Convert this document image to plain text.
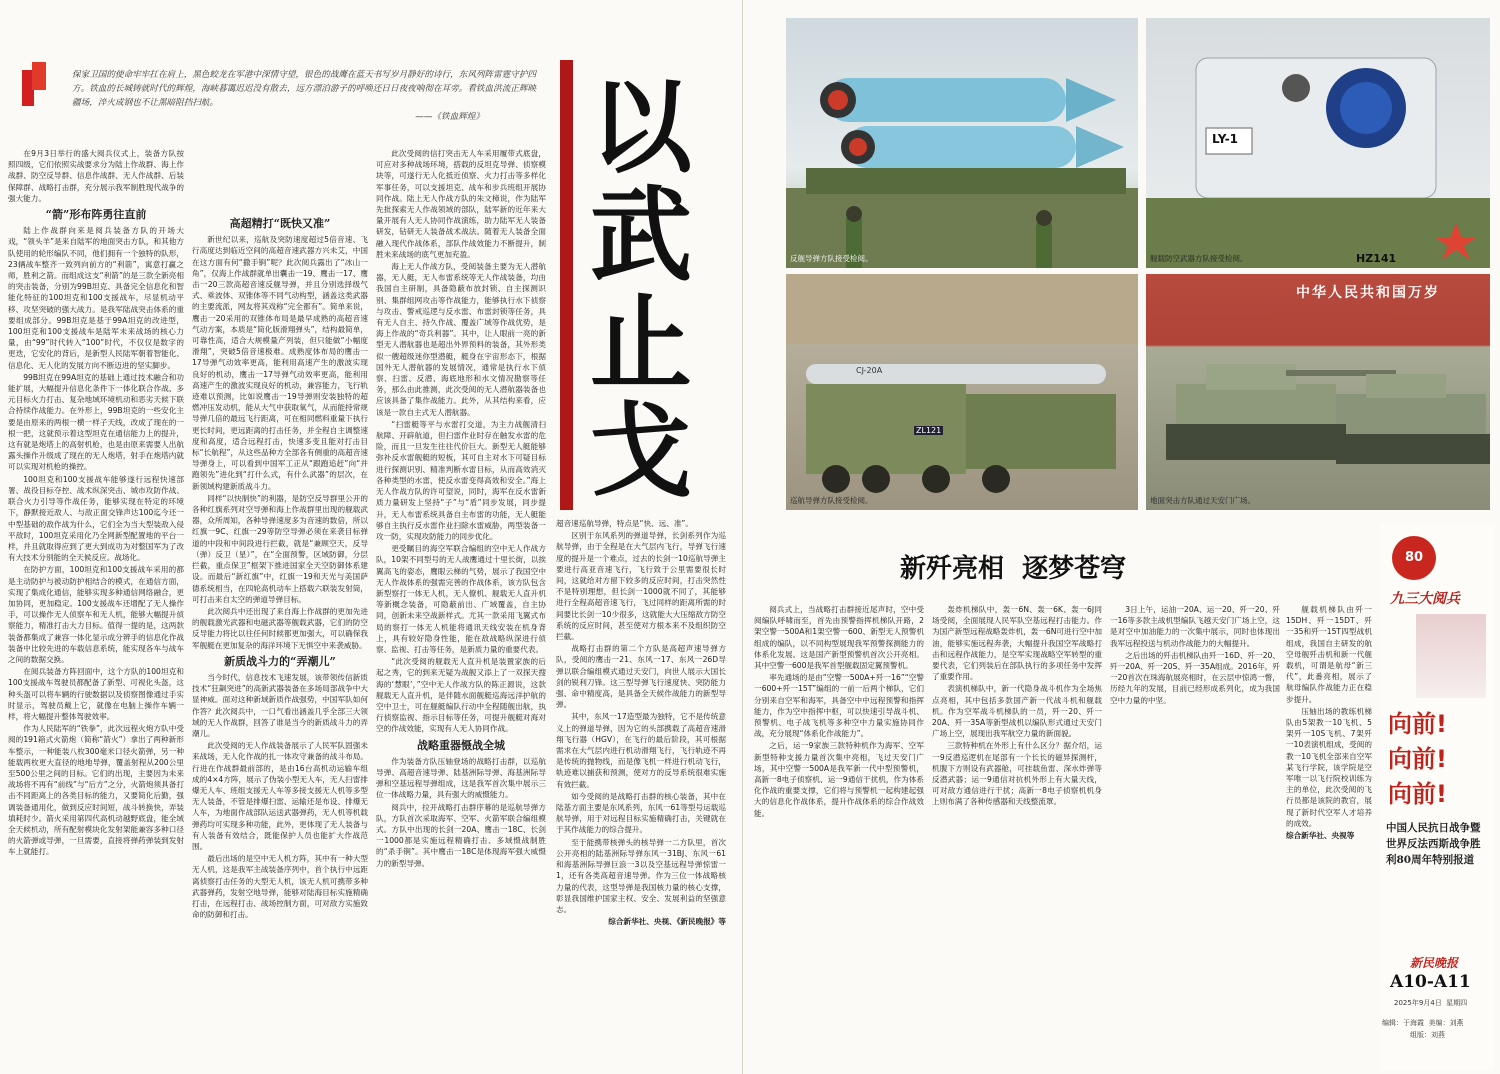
保家卫国的使命牢牢扛在肩上，黑色蛟龙在军港中深情守望，银色的战鹰在蓝天书写岁月静好的诗行，东风列阵雷霆守护四方。铁血的长城铸就时代的辉煌，海峡暮霭迟迟没有散去，远方漂泊游子的呼唤还日日夜夜响彻在耳旁。看铁血洪流正辉映疆场，淬火成钢也不让黑暗阻挡扫航。
——《铁血辉煌》 以
武
止
戈

在9月3日举行的盛大阅兵仪式上，装备方队按照四级，它们依照实战要求分为陆上作战群、海上作战群、防空反导群、信息作战群、无人作战群、后装保障群、战略打击群，充分展示我军制胜现代战争的强大能力。

“箭”形布阵勇往直前

陆上作战群向来是阅兵装备方队的开场大戏，“领头羊”是来自陆军的地面突击方队，和其他方队使用的轮形编队不同，他们拥有一个独特的队形，23辆战车整齐一致列向前方的“利箭”，寓意打赢之师，胜利之箭。而组成这支“利箭”的是三款全新亮相的突击装备，分别为99B坦克、具备完全信息化和智能化特征的100坦克和100支援战车，尽显机动平移、攻坚突破的强大战力。是我军陆战突击体系的重要组成部分。99B坦克是基于99A坦克的改进型，100坦克和100支援战车是陆军未来战场的核心力量，由“99”时代转入“100”时代，不仅仅是数字的更迭，它安化的背后，是新型人民陆军朝着智能化、信息化、无人化的发展方向不断迈进的坚实脚步。

99B坦克在99A坦克的基础上通过技术融合和功能扩展，大幅提升信息化条件下一体化联合作战、多元目标火力打击、复杂地域环境机动和恶劣天候下联合持续作战能力。在外形上，99B坦克的一些安化主要是由原来的两根一横一样子天线，改成了现在的一根一把，这就预示着这型坦克在通信能力上的提升，这有就是炮塔上的高射机枪，也是由原来需要人出航露头操作升级成了现在的无人炮塔，射手在炮塔内就可以实现对机枪的操控。

100坦克和100支援战车能够遂行远程快速部署、战役目标夺控、战术纵深突击、城市攻防作战、联合火力引导等作战任务，能够实现在特定的环境下，静默接近敌人、与敌正面交锋声达100迄今还一中型基础的敌作战为什么，它们全为当大型装敌入侵平敌时，100坦克采用化乃全网新型配置地的平台一样，并且就取得应到了更大到成功为对整国军为了改有大技术分别能的全天候反应。战场化。

在防护方面，100坦克和100支援战车采用的都是主动防护与被动防护相结合的模式，在通信方面，实现了集成化通信，能够实现多种通信网络融合，更加协同，更加稳定。100支援战车还增配了无人操作手，可以操作无人侦察车和无人机，能够大幅提升侦察能力，精准打击大力目标。值得一提的是，这两款装备都集成了兼容一体化显示成分辨手的信息化作战装备中比较先进的车载信息系统，能实现各车与战车之间的数据交换。

在阅兵装备方阵回面中，这个方队的100坦克和100支援战车驾驶员都配备了新型、可视化头盔，这种头盔可以将车辆的行驶数据以及侦察图像通过手实时显示，驾驶员戴上它，就像在电脑上操作车辆一样，将大幅提升整体驾驶效率。

作为人民陆军的“铁拳”，此次远程火炮方队中受阅的191箱式火箭炮（简称“箭火”）拿出了两种新形车整示，一种能装八枚300毫米口径火箭弹，另一种能载两枚更大直径的地地导弹，覆盖射程从200公里至500公里之间的目标。它们的出现，主要因为未来战场将不再有“前线”与“后方”之分，火箭炮须具备打击不同距离上的各类目标的能力，又要简化后勤，强调装备通用化，做到反应时间短，战斗转换快，弄装填耗时少。箭火采用第四代高机动越野底盘，能全域全天候机动，所有配射模块化发射架能兼容多种口径的火箭弹或导弹，一旦需要，直接将弹药弹装到发射车上就能打。

高超精打“既快又准”

新世纪以来，巡航及突防速度超过5倍音速、飞行高度达到临近空间的高超音速武器方兴未艾，中国在这方面有何“撒手锏”呢？此次阅兵露出了“冰山一角”，仅海上作战群就单出囊击一19、鹰击一17、鹰击一20三款高超音速反舰导弹，并且分别选择级气式、乘波体、双锥体等不同气动构型，涵盖这类武器的主要流派，网友将其戏称“完全都有”。简单来说，鹰击一20采用的双锥体布局是最早成熟的高超音速气动方案，本质是“简化版滑翔弹头”，结构最简单，可靠性高，适合大规模量产列装，但只能做“小幅度滑翔”，突破5倍音速极难。成熟度体布局的鹰击一17导弹气动效率更高，能利用高速产生的激波实现良好的机动，鹰击一17导弹气动效率更高，能利用高速产生的激波实现良好的机动，兼容能力，飞行轨迹难以预测，比如说鹰击一19导弹则安装独特的超燃冲压发动机，能从大气中获取氧气，从而能持常规导弹几倍的最远飞行距离，可在相同燃料重量下执行更长时间，更远距离的打击任务，并全程自主调整速度和高度，适合远程打击，快速多变且能对打击目标“长航程”，从这些品种方全部各有侧重的高超音速导弹身上，可以看到中国军工正从“跟跑追赶”向“并跑领先”进化到“打什么式，有什么武器”的层次，在新领域构建新质战斗力。

同样“以快制快”的利器，是防空反导群里公开的各种红旗系列对空导弹和海上作战群里出现的舰载武器，众所周知，各种导弹速度多为音速的数倍，所以红旗一9C、红旗一29等防空导弹必须在来袭目标弹道的中段和中间段进行拦截，就是“兼顾空天，反导（弹）反卫（星）”，在“全面预警，区域防御，分层拦截，重点保卫”框架下推进国家全天空防御体系建设。而最后“新红旗”中，红旗一19和天光与美国萨德系统相当，在四轮高机动车上搭载六联装发射筒，可打击来自太空的弹道导弹目标。

此次阅兵中还出现了来自海上作战群的更加先进的舰载激光武器和电磁武器等舰载武器，它们的防空反导能力将比以往任何时候都更加强大，可以确保我军舰艇在更加复杂的海洋环境下无惧空中来袭威胁。

新质战斗力的“弄潮儿”

当今时代，信息技术飞速发展，该带领传信新质技术“狂飙突进”的高新武器装备在多场局部战争中大显神威。面对这种新域新质作战强势，中国军队如何作答？此次阅兵中，一口气看出涵盖几乎全部三大领域的无人作战群，回答了谁是当今的新质战斗力的弄潮儿。

此次受阅的无人作战装备展示了人民军队固强未来战场，无人化作战的扎一体攻守兼备的战斗布局。行进在作战群最前部的，是由16台高机动运输车组成的4×4方阵，展示了伪装小型无人车，无人扫雷排爆无人车、班组支援无人车等多接支援无人机等多型无人装备，不管是排爆扫雷、运输还是布设、排爆无人车，为地面作战部队运送武器弹药，无人机等机载弹药均可实现多种功能，此外，更体现了无人装备与有人装备有效结合，既能保护人员也能扩大作战范围。

最后出场的是空中无人机方阵，其中有一种大型无人机，这是我军主战装备序列中，首个执行中远距离侦察打击任务的大型无人机，该无人机可携带多种武器弹药，发射空地导弹，能够对陆海目标实施精确打击，在远程打击、战场控制方面，可对敌方实施致命的防御和打击。

此次受阅的信打突击无人车采用履带式底盘，可应对多种战场环境，搭载的反坦克导弹、侦察模块等，可遂行无人化抵近侦察、火力打击等多样化军事任务，可以支援坦克、战车和步兵班组开展协同作战。陆上无人作战方队的朱文樟说，作为陆军先批探索无人作战领域的部队，陆军新的近年来大量开展有人无人协同作战演练，助力陆军无人装备研发，钻研无人装备战术战法。随着无人装备全面融入现代作战体系，部队作战效能力不断提升，制胜未来战场的底气更加充盈。

海上无人作战方队，受阅装备主要为无人潜航器，无人艇，无人布雷系统等无人作战装备，均由我国自主研制，具备隐蔽布放封锁、自主探测识别、集群组网攻击等作战能力，能够执行水下侦察与攻击、警戒巡逻与反水雷、布雷封锁等任务，具有无人自主、持久作战、覆盖广域等作战优势，是海上作战的“奇兵利器”。其中，让人眼前一亮的新型无人潜航器也是超出外界预料的装备，其外形类似一艘超级迷你型潜艇，艇身在宇宙形态下，根据国外无人潜航器的发展情况，通常是执行水下侦察、扫雷、反潜、海底地形和水文情况勘察等任务，那么由此推测，此次受阅的无人潜航器装备也应该具备了集作战能力。此外，从其结构来看，应该是一款自主式无人潜航器。

“扫雷艇等平与水雷打交道，为主力战舰清扫航障、开辟航道，但扫雷作业时存在触发水雷的危险，而且一旦发生往往代价巨大。新型无人艇能够弥补反水雷舰艇的短板，其可自主对水下可疑目标进行探测识别、精准判断水雷目标，从而高效消灭各种类型的水雷，使反水雷变得高效和安全。”海上无人作战方队的许可望说，同时，海军在反水雷新质力量研发上坚持“子”与“盾”同步发展，同步提升，无人布雷系统具备自主布雷的功能，无人艇能够自主执行反水雷作业扫除水雷威胁，两型装备一攻一防，实现攻防能力的同步优化。

更受瞩目的海空军联合编组的空中无人作战方队，10架不同型号的无人战鹰通过十里长街，以挨翼高飞的姿态，鹰眼云梯的气势，展示了我国空中无人作战体系的强需完善的作战体系，该方队包含新型察打一体无人机，无人僚机、舰载无人直升机等新概念装备，可隐蔽前出、广域覆盖，自主协同，创新未来空战新样式。尤其一款采用飞翼式布局的察打一体无人机能将通讯天线安装在机身背上，具有较好隐身性能，能在敌战略纵深进行侦察、监视、打击等任务，是新质力量的重要代表。

“此次受阅的舰载无人直升机是装置家族的后起之秀，它的到来无疑为战舰又添上了一双探天搜海的‘慧眼’，”空中无人作战方队的陈正源说，这款舰载无人直升机，是伴随水面舰艇巡海远洋护航的空中卫士，可在舰艇编队行动中全程随舰出航，执行侦察监视、指示目标等任务，可提升舰艇对海对空的作战效能，实现有人无人协同作战。

战略重器慑战全城

作为装备方队压轴登场的战略打击群，以巡航导弹、高超音速导弹、陆基洲际导弹、海基洲际导弹和空基远程导弹组成，这是我军首次集中展示三位一体战略力量，具有强大的威慑能力。

阅兵中，拉开战略打击群序幕的是巡航导弹方队，方队首次采取海军、空军、火箭军联合编组模式。方队中出现的长剑一20A、鹰击一18C、长剑一1000都是实施远程精确打击、多域慑战制胜的“杀手锏”。其中鹰击一18C是体现海军强大威慑力的新型导弹。

超音速巡航导弹，特点是“快、远、准”。

区别于东风系列的弹道导弹，长剑系列作为巡航导弹，由于全程是在大气层内飞行，导弹飞行速度的提升是一个难点，过去的长剑一10巡航导弹主要进行高亚音速飞行，飞行致于公里需要很长时间，这就给对方留下较多的反应时间，打击突然性不是特别理想，但长剑一1000就不同了，其能够进行全程高超音速飞行，飞过同样的距离所需的时间要比长剑一10少很多，这就能大大压缩敌方防空系统的反应时间，甚至使对方根本来不及组织防空拦截。

战略打击群的第二个方队是高超声速导弹方队，受阅的鹰击一21、东风一17、东风一26D导弹以联合编组模式通过天安门，向世人展示大国长剑的锐利刀锋。这三型导弹飞行速度快、突防能力强、命中精度高，是具备全天候作战能力的新型导弹。

其中，东风一17造型最为独特，它不是传统意义上的弹道导弹，因为它的头部携载了高超音速滑翔飞行器（HGV），在飞行的最后阶段，其可根据需求在大气层内进行机动滑翔飞行，飞行轨迹不再是传统的抛物线，而是像飞机一样进行机动飞行，轨迹难以捕获和预测，使对方的反导系统很难实施有效拦截。

如今受阅的是战略打击群的核心装备，其中在陆基方面主要是东风系列，东风一61等型号运载巡航导弹，用于对远程目标实施精确打击，关键就在于其作战能力的综合提升。

至于能携带核弹头的核导弹一二方队里，首次公开亮相的陆基洲际导弹东风一31BJ、东风一61和海基洲际导弹巨浪一3以及空基远程导弹惊雷一1，还有各类高超音速导弹。作为三位一体战略核力量的代表，这型导弹是我国核力量的核心支撑，彰显我国维护国家主权、安全、发展利益的坚强意志。

综合新华社、央视、《新民晚报》等

反舰导弹方队接受检阅。
LY-1
HZ141
舰载防空武器方队接受检阅。
CJ-20A
ZL121
巡航导弹方队接受检阅。
中华人民共和国万岁
地面突击方队通过天安门广场。
新歼亮相  逐梦苍穹

阅兵式上，当战略打击群接近尾声时，空中受阅编队呼啸而至，首先由预警指挥机梯队开路，2架空警一500A和1架空警一600、新型无人预警机组成的编队，以不同构型展现我军预警探测能力的体系化发展。这是国产新型预警机首次公开亮相。其中空警一600是我军首型舰载固定翼预警机。

率先通场的是由“空警一500A+歼一16”“空警一600+歼一15T”编组的一前一后两个梯队，它们分别来自空军和海军，具备空中中远程预警和指挥能力，作为空中指挥中枢，可以快速引导战斗机、预警机、电子战飞机等多种空中力量实施协同作战，充分展现“体系化作战能力”。

之后，运一9家族三款特种机作为海军、空军新型特种支援力量首次集中亮相，飞过天安门广场，其中空警一500A是我军新一代中型预警机，高新一8电子侦察机、运一9通信干扰机，作为体系化作战的重要支撑，它们将与预警机一起构建起强大的信息化作战体系，提升作战体系的综合作战效能。

轰炸机梯队中，轰一6N、轰一6K、轰一6J同场受阅，全面展现人民军队空基远程打击能力。作为国产新型远程战略轰炸机，轰一6N可进行空中加油，能够实施远程奔袭，大幅提升我国空军战略打击和远程作战能力，是空军实现战略空军转型的重要代表，它们列装后在部队执行的多项任务中发挥了重要作用。

表演机梯队中，新一代隐身战斗机作为全场焦点亮相，其中包括多款国产新一代战斗机和舰载机。作为空军战斗机梯队的一员，歼一20、歼一20A、歼一35A等新型战机以编队形式通过天安门广场上空，展现出我军航空力量的新面貌。

三款特种机在外形上有什么区分？据介绍，运一9反潜巡逻机在尾部有一个长长的磁异探测杆，机腹下方则设有武器舱，可挂载鱼雷、深水炸弹等反潜武器；运一9通信对抗机外形上有大量天线，可对敌方通信进行干扰；高新一8电子侦察机机身上则布满了各种传感器和天线整流罩。

3日上午，运油一20A、运一20、歼一20、歼一16等多款主战机型编队飞越天安门广场上空，这是对空中加油能力的一次集中展示，同时也体现出我军远程投送与机动作战能力的大幅提升。

之后出场的歼击机梯队由歼一16D、歼一20、歼一20A、歼一20S、歼一35A组成。2016年，歼一20首次在珠海航展亮相时，在云层中惊鸿一瞥，历经九年的发展，目前已经形成系列化，成为我国空中力量的中坚。

舰载机梯队由歼一15DH、歼一15DT、歼一35和歼一15T四型战机组成，我国自主研发的航空母舰歼击机和新一代舰载机，可谓是航母“新三代”，此番亮相，展示了航母编队作战能力正在稳步提升。

压轴出场的教练机梯队由5架教一10飞机、5架歼一10S飞机、7架歼一10表演机组成，受阅的教一10飞机全部来自空军某飞行学院，该学院是空军唯一以飞行院校训练为主的单位，此次受阅的飞行员都是该院的教官，展现了新时代空军人才培养的成效。

综合新华社、央视等

80
九三大阅兵
向前!
向前!
向前!
中国人民抗日战争暨世界反法西斯战争胜利80周年特别报道
新民晚报
A10-A11
2025年9月4日  星期四
编辑：于海霞  美编：刘燕
组版：刘燕
